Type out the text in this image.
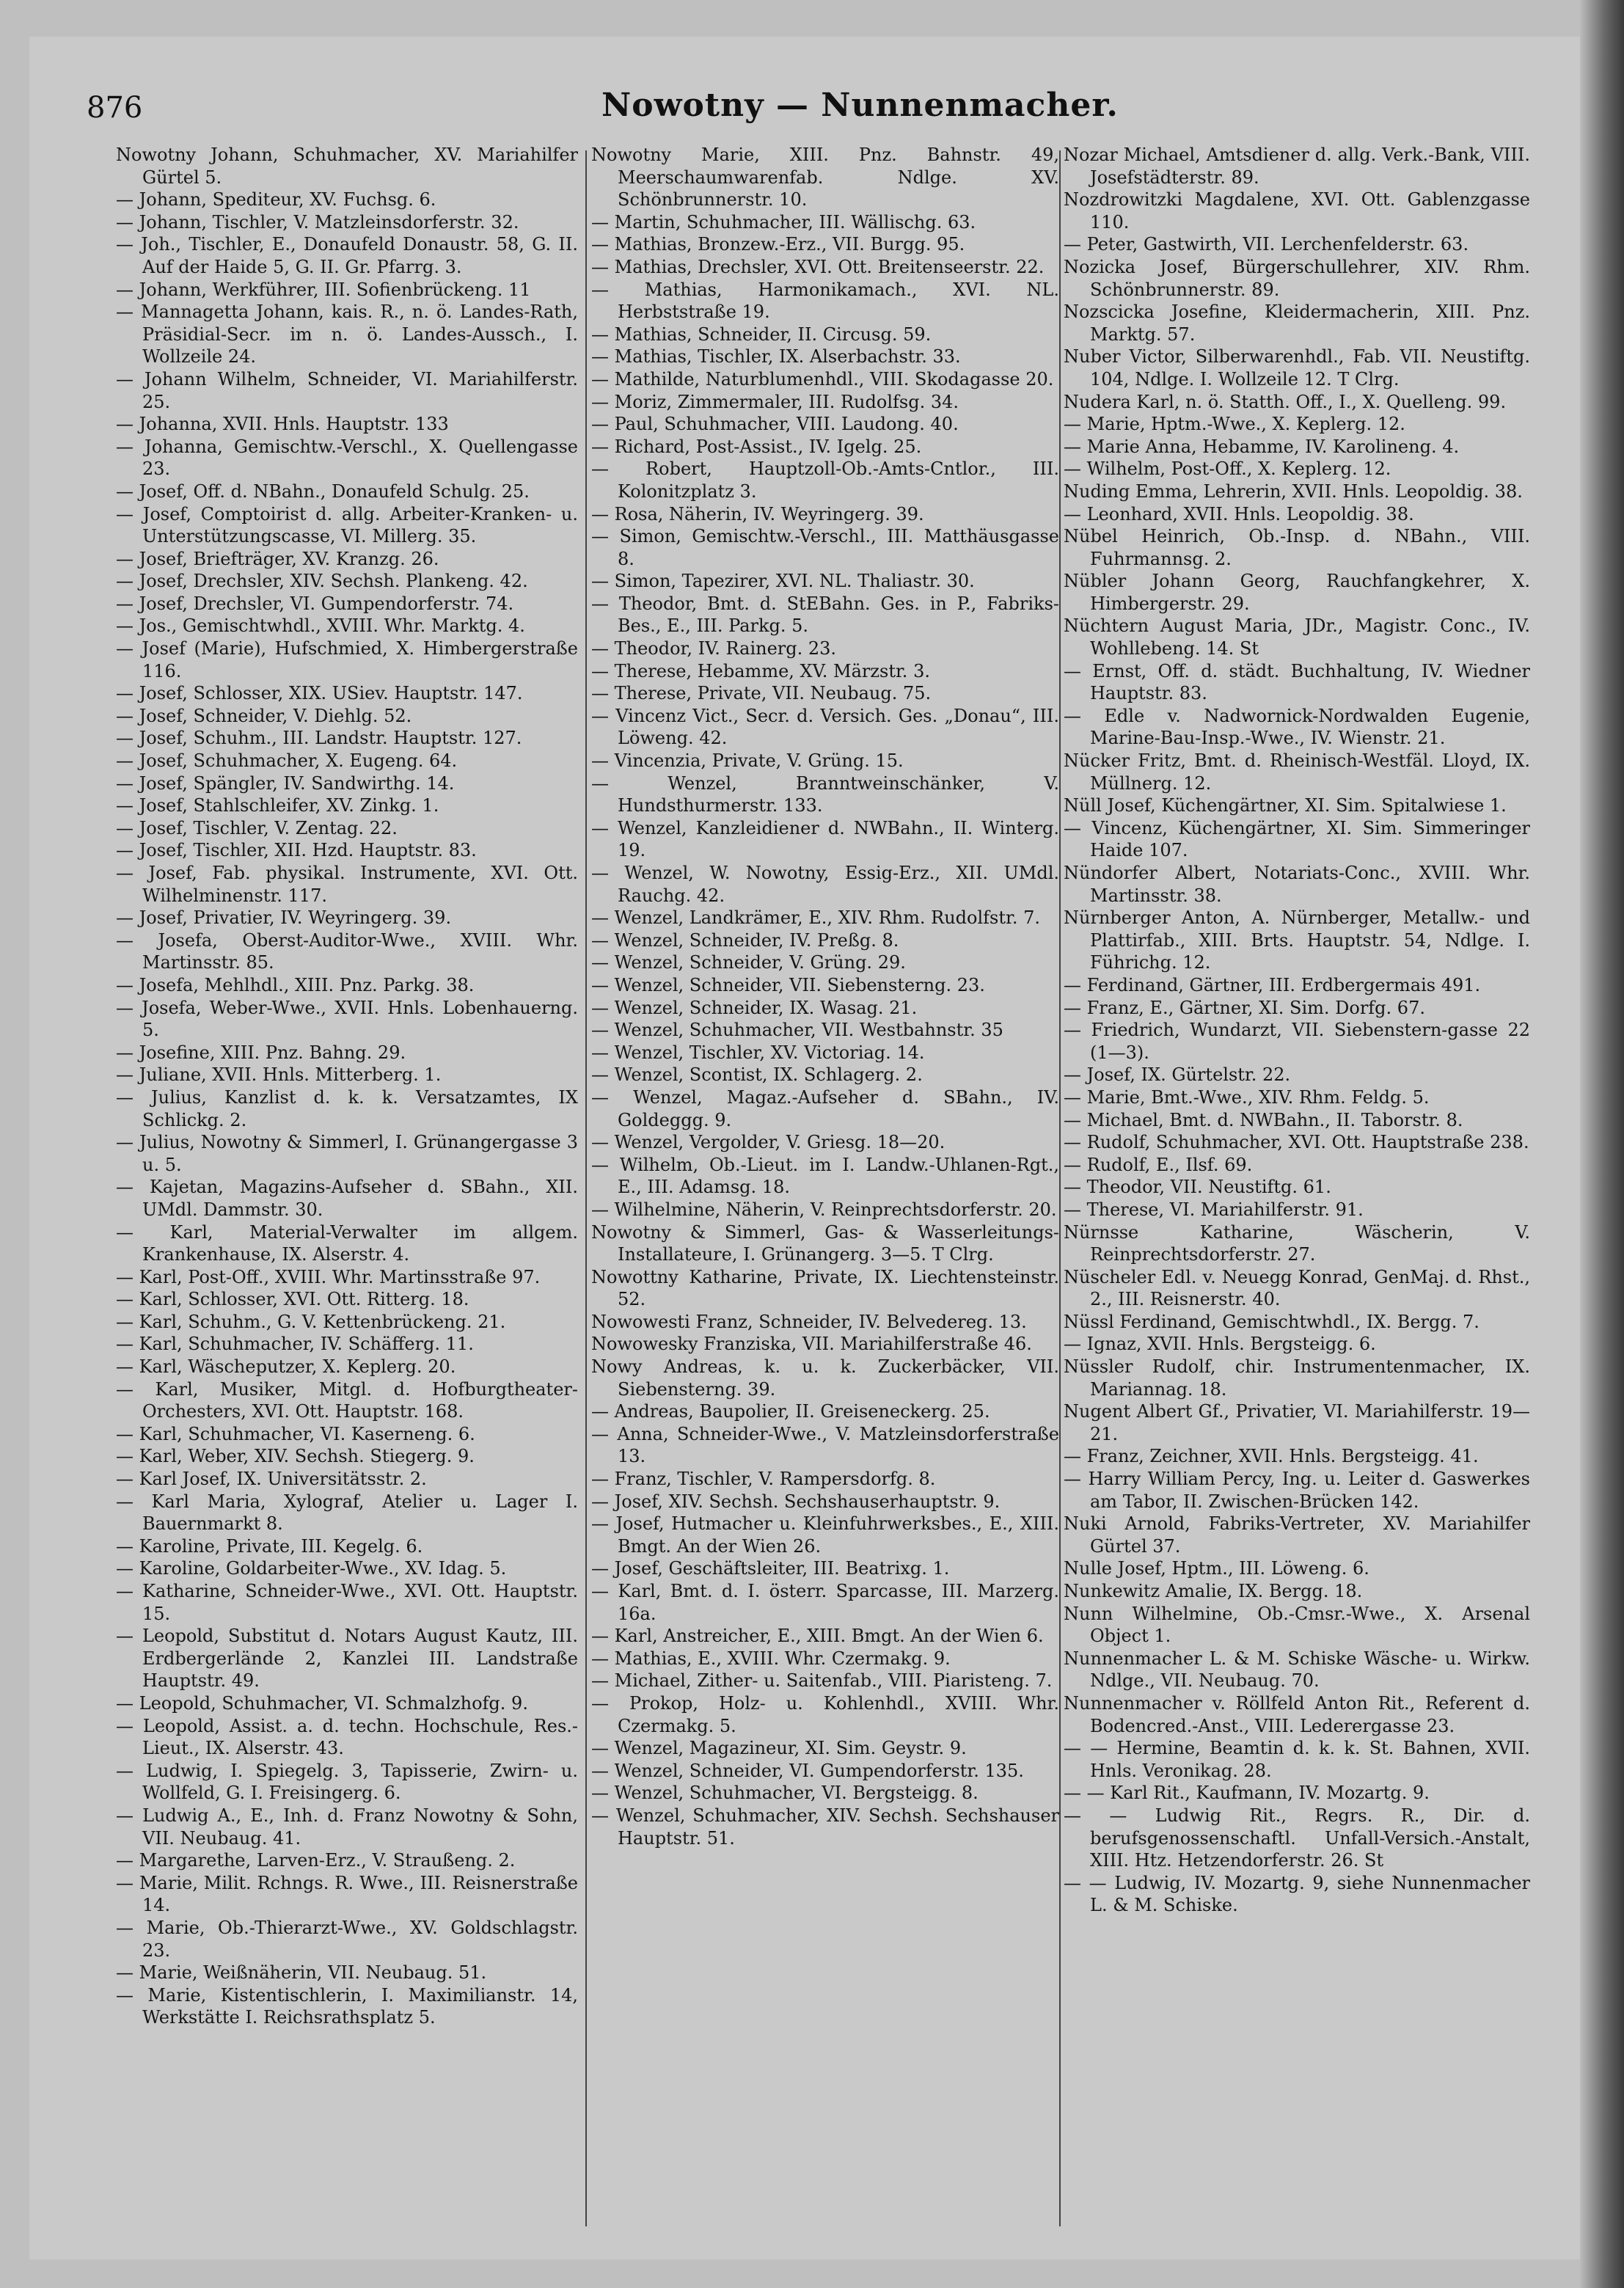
876	Nowotny — Nunnenmacher.

Nowotny Johann, Schuhmacher, XV. Mariahilfer Gürtel 5.

— Johann, Spediteur, XV. Fuchsg. 6.

— Johann, Tischler, V. Matzleinsdorferstr. 32.

— Joh., Tischler, E., Donaufeld Donaustr. 58, G. II. Auf der Haide 5, G. II. Gr. Pfarrg. 3.

— Johann, Werkführer, III. Sofienbrückeng. 11

— Mannagetta Johann, kais. R., n. ö. Landes-Rath, Präsidial-Secr. im n. ö. Landes-Aussch., I. Wollzeile 24.

— Johann Wilhelm, Schneider, VI. Mariahilferstr. 25.

— Johanna, XVII. Hnls. Hauptstr. 133

— Johanna, Gemischtw.-Verschl., X. Quellengasse 23.

— Josef, Off. d. NBahn., Donaufeld Schulg. 25.

— Josef, Comptoirist d. allg. Arbeiter-Kranken- u. Unterstützungscasse, VI. Millerg. 35.

— Josef, Briefträger, XV. Kranzg. 26.

— Josef, Drechsler, XIV. Sechsh. Plankeng. 42.

— Josef, Drechsler, VI. Gumpendorferstr. 74.

— Jos., Gemischtwhdl., XVIII. Whr. Marktg. 4.

— Josef (Marie), Hufschmied, X. Himbergerstraße 116.

— Josef, Schlosser, XIX. USiev. Hauptstr. 147.

— Josef, Schneider, V. Diehlg. 52.

— Josef, Schuhm., III. Landstr. Hauptstr. 127.

— Josef, Schuhmacher, X. Eugeng. 64.

— Josef, Spängler, IV. Sandwirthg. 14.

— Josef, Stahlschleifer, XV. Zinkg. 1.

— Josef, Tischler, V. Zentag. 22.

— Josef, Tischler, XII. Hzd. Hauptstr. 83.

— Josef, Fab. physikal. Instrumente, XVI. Ott. Wilhelminenstr. 117.

— Josef, Privatier, IV. Weyringerg. 39.

— Josefa, Oberst-Auditor-Wwe., XVIII. Whr. Martinsstr. 85.

— Josefa, Mehlhdl., XIII. Pnz. Parkg. 38.

— Josefa, Weber-Wwe., XVII. Hnls. Lobenhauerng. 5.

— Josefine, XIII. Pnz. Bahng. 29.

— Juliane, XVII. Hnls. Mitterberg. 1.

— Julius, Kanzlist d. k. k. Versatzamtes, IX Schlickg. 2.

— Julius, Nowotny & Simmerl, I. Grünangergasse 3 u. 5.

— Kajetan, Magazins-Aufseher d. SBahn., XII. UMdl. Dammstr. 30.

— Karl, Material-Verwalter im allgem. Krankenhause, IX. Alserstr. 4.

— Karl, Post-Off., XVIII. Whr. Martinsstraße 97.

— Karl, Schlosser, XVI. Ott. Ritterg. 18.

— Karl, Schuhm., G. V. Kettenbrückeng. 21.

— Karl, Schuhmacher, IV. Schäfferg. 11.

— Karl, Wäscheputzer, X. Keplerg. 20.

— Karl, Musiker, Mitgl. d. Hofburgtheater-Orchesters, XVI. Ott. Hauptstr. 168.

— Karl, Schuhmacher, VI. Kaserneng. 6.

— Karl, Weber, XIV. Sechsh. Stiegerg. 9.

— Karl Josef, IX. Universitätsstr. 2.

— Karl Maria, Xylograf, Atelier u. Lager I. Bauernmarkt 8.

— Karoline, Private, III. Kegelg. 6.

— Karoline, Goldarbeiter-Wwe., XV. Idag. 5.

— Katharine, Schneider-Wwe., XVI. Ott. Hauptstr. 15.

— Leopold, Substitut d. Notars August Kautz, III. Erdbergerlände 2, Kanzlei III. Landstraße Hauptstr. 49.

— Leopold, Schuhmacher, VI. Schmalzhofg. 9.

— Leopold, Assist. a. d. techn. Hochschule, Res.-Lieut., IX. Alserstr. 43.

— Ludwig, I. Spiegelg. 3, Tapisserie, Zwirn- u. Wollfeld, G. I. Freisingerg. 6.

— Ludwig A., E., Inh. d. Franz Nowotny & Sohn, VII. Neubaug. 41.

— Margarethe, Larven-Erz., V. Straußeng. 2.

— Marie, Milit. Rchngs. R. Wwe., III. Reisnerstraße 14.

— Marie, Ob.-Thierarzt-Wwe., XV. Goldschlagstr. 23.

— Marie, Weißnäherin, VII. Neubaug. 51.

— Marie, Kistentischlerin, I. Maximilianstr. 14, Werkstätte I. Reichsrathsplatz 5.

Nowotny Marie, XIII. Pnz. Bahnstr. 49, Meerschaumwarenfab. Ndlge. XV. Schönbrunnerstr. 10.

— Martin, Schuhmacher, III. Wällischg. 63.

— Mathias, Bronzew.-Erz., VII. Burgg. 95.

— Mathias, Drechsler, XVI. Ott. Breitenseerstr. 22.

— Mathias, Harmonikamach., XVI. NL. Herbststraße 19.

— Mathias, Schneider, II. Circusg. 59.

— Mathias, Tischler, IX. Alserbachstr. 33.

— Mathilde, Naturblumenhdl., VIII. Skodagasse 20.

— Moriz, Zimmermaler, III. Rudolfsg. 34.

— Paul, Schuhmacher, VIII. Laudong. 40.

— Richard, Post-Assist., IV. Igelg. 25.

— Robert, Hauptzoll-Ob.-Amts-Cntlor., III. Kolonitzplatz 3.

— Rosa, Näherin, IV. Weyringerg. 39.

— Simon, Gemischtw.-Verschl., III. Matthäusgasse 8.

— Simon, Tapezirer, XVI. NL. Thaliastr. 30.

— Theodor, Bmt. d. StEBahn. Ges. in P., Fabriks-Bes., E., III. Parkg. 5.

— Theodor, IV. Rainerg. 23.

— Therese, Hebamme, XV. Märzstr. 3.

— Therese, Private, VII. Neubaug. 75.

— Vincenz Vict., Secr. d. Versich. Ges. „Donau“, III. Löweng. 42.

— Vincenzia, Private, V. Grüng. 15.

— Wenzel, Branntweinschänker, V. Hundsthurmerstr. 133.

— Wenzel, Kanzleidiener d. NWBahn., II. Winterg. 19.

— Wenzel, W. Nowotny, Essig-Erz., XII. UMdl. Rauchg. 42.

— Wenzel, Landkrämer, E., XIV. Rhm. Rudolfstr. 7.

— Wenzel, Schneider, IV. Preßg. 8.

— Wenzel, Schneider, V. Grüng. 29.

— Wenzel, Schneider, VII. Siebensterng. 23.

— Wenzel, Schneider, IX. Wasag. 21.

— Wenzel, Schuhmacher, VII. Westbahnstr. 35

— Wenzel, Tischler, XV. Victoriag. 14.

— Wenzel, Scontist, IX. Schlagerg. 2.

— Wenzel, Magaz.-Aufseher d. SBahn., IV. Goldeggg. 9.

— Wenzel, Vergolder, V. Griesg. 18—20.

— Wilhelm, Ob.-Lieut. im I. Landw.-Uhlanen-Rgt., E., III. Adamsg. 18.

— Wilhelmine, Näherin, V. Reinprechtsdorferstr. 20.

Nowotny & Simmerl, Gas- & Wasserleitungs-Installateure, I. Grünangerg. 3—5. T Clrg.

Nowottny Katharine, Private, IX. Liechtensteinstr. 52.

Nowowesti Franz, Schneider, IV. Belvedereg. 13.

Nowowesky Franziska, VII. Mariahilferstraße 46.

Nowy Andreas, k. u. k. Zuckerbäcker, VII. Siebensterng. 39.

— Andreas, Baupolier, II. Greiseneckerg. 25.

— Anna, Schneider-Wwe., V. Matzleinsdorferstraße 13.

— Franz, Tischler, V. Rampersdorfg. 8.

— Josef, XIV. Sechsh. Sechshauserhauptstr. 9.

— Josef, Hutmacher u. Kleinfuhrwerksbes., E., XIII. Bmgt. An der Wien 26.

— Josef, Geschäftsleiter, III. Beatrixg. 1.

— Karl, Bmt. d. I. österr. Sparcasse, III. Marzerg. 16a.

— Karl, Anstreicher, E., XIII. Bmgt. An der Wien 6.

— Mathias, E., XVIII. Whr. Czermakg. 9.

— Michael, Zither- u. Saitenfab., VIII. Piaristeng. 7.

— Prokop, Holz- u. Kohlenhdl., XVIII. Whr. Czermakg. 5.

— Wenzel, Magazineur, XI. Sim. Geystr. 9.

— Wenzel, Schneider, VI. Gumpendorferstr. 135.

— Wenzel, Schuhmacher, VI. Bergsteigg. 8.

— Wenzel, Schuhmacher, XIV. Sechsh. Sechshauser Hauptstr. 51.

Nozar Michael, Amtsdiener d. allg. Verk.-Bank, VIII. Josefstädterstr. 89.

Nozdrowitzki Magdalene, XVI. Ott. Gablenzgasse 110.

— Peter, Gastwirth, VII. Lerchenfelderstr. 63.

Nozicka Josef, Bürgerschullehrer, XIV. Rhm. Schönbrunnerstr. 89.

Nozscicka Josefine, Kleidermacherin, XIII. Pnz. Marktg. 57.

Nuber Victor, Silberwarenhdl., Fab. VII. Neustiftg. 104, Ndlge. I. Wollzeile 12. T Clrg.

Nudera Karl, n. ö. Statth. Off., I., X. Quelleng. 99.

— Marie, Hptm.-Wwe., X. Keplerg. 12.

— Marie Anna, Hebamme, IV. Karolineng. 4.

— Wilhelm, Post-Off., X. Keplerg. 12.

Nuding Emma, Lehrerin, XVII. Hnls. Leopoldig. 38.

— Leonhard, XVII. Hnls. Leopoldig. 38.

Nübel Heinrich, Ob.-Insp. d. NBahn., VIII. Fuhrmannsg. 2.

Nübler Johann Georg, Rauchfangkehrer, X. Himbergerstr. 29.

Nüchtern August Maria, JDr., Magistr. Conc., IV. Wohllebeng. 14. St

— Ernst, Off. d. städt. Buchhaltung, IV. Wiedner Hauptstr. 83.

— Edle v. Nadwornick-Nordwalden Eugenie, Marine-Bau-Insp.-Wwe., IV. Wienstr. 21.

Nücker Fritz, Bmt. d. Rheinisch-Westfäl. Lloyd, IX. Müllnerg. 12.

Nüll Josef, Küchengärtner, XI. Sim. Spitalwiese 1.

— Vincenz, Küchengärtner, XI. Sim. Simmeringer Haide 107.

Nündorfer Albert, Notariats-Conc., XVIII. Whr. Martinsstr. 38.

Nürnberger Anton, A. Nürnberger, Metallw.- und Plattirfab., XIII. Brts. Hauptstr. 54, Ndlge. I. Führichg. 12.

— Ferdinand, Gärtner, III. Erdbergermais 491.

— Franz, E., Gärtner, XI. Sim. Dorfg. 67.

— Friedrich, Wundarzt, VII. Siebenstern-gasse 22 (1—3).

— Josef, IX. Gürtelstr. 22.

— Marie, Bmt.-Wwe., XIV. Rhm. Feldg. 5.

— Michael, Bmt. d. NWBahn., II. Taborstr. 8.

— Rudolf, Schuhmacher, XVI. Ott. Hauptstraße 238.

— Rudolf, E., Ilsf. 69.

— Theodor, VII. Neustiftg. 61.

— Therese, VI. Mariahilferstr. 91.

Nürnsse Katharine, Wäscherin, V. Reinprechtsdorferstr. 27.

Nüscheler Edl. v. Neuegg Konrad, GenMaj. d. Rhst., 2., III. Reisnerstr. 40.

Nüssl Ferdinand, Gemischtwhdl., IX. Bergg. 7.

— Ignaz, XVII. Hnls. Bergsteigg. 6.

Nüssler Rudolf, chir. Instrumentenmacher, IX. Mariannag. 18.

Nugent Albert Gf., Privatier, VI. Mariahilferstr. 19—21.

— Franz, Zeichner, XVII. Hnls. Bergsteigg. 41.

— Harry William Percy, Ing. u. Leiter d. Gaswerkes am Tabor, II. Zwischen-Brücken 142.

Nuki Arnold, Fabriks-Vertreter, XV. Mariahilfer Gürtel 37.

Nulle Josef, Hptm., III. Löweng. 6.

Nunkewitz Amalie, IX. Bergg. 18.

Nunn Wilhelmine, Ob.-Cmsr.-Wwe., X. Arsenal Object 1.

Nunnenmacher L. & M. Schiske Wäsche- u. Wirkw. Ndlge., VII. Neubaug. 70.

Nunnenmacher v. Röllfeld Anton Rit., Referent d. Bodencred.-Anst., VIII. Lederergasse 23.

— — Hermine, Beamtin d. k. k. St. Bahnen, XVII. Hnls. Veronikag. 28.

— — Karl Rit., Kaufmann, IV. Mozartg. 9.

— — Ludwig Rit., Regrs. R., Dir. d. berufsgenossenschaftl. Unfall-Versich.-Anstalt, XIII. Htz. Hetzendorferstr. 26. St

— — Ludwig, IV. Mozartg. 9, siehe Nunnenmacher L. & M. Schiske.
